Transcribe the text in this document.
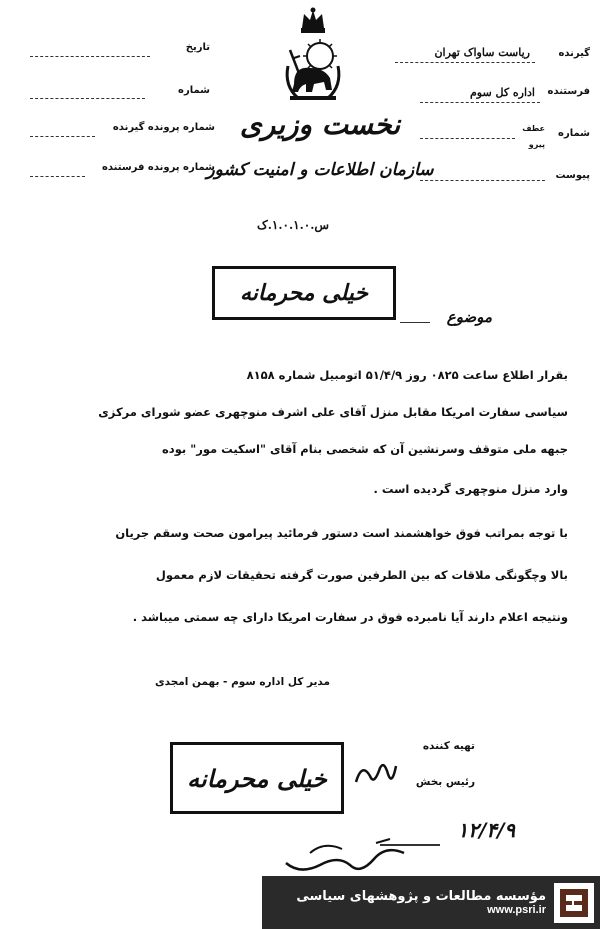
نخست وزیری
سازمان اطلاعات و امنیت کشور
س.۱.۰.۱.۰.ک
تاریخ
شماره
شماره پرونده گیرنده
شماره پرونده فرستنده
گیرنده
ریاست ساواک تهران
فرستنده
اداره کل سوم
شماره
عطف
پیرو
پیوست
خیلی محرمانه
موضوع
بقرار اطلاع ساعت ۰۸۲۵ روز ۵۱/۴/۹ اتومبیل شماره ۸۱۵۸
سیاسی سفارت امریکا مقابل منزل آقای علی اشرف منوچهری عضو شورای مرکزی
جبهه ملی متوقف وسرنشین آن که شخصی بنام آقای "اسکیت مور" بوده
وارد منزل منوچهری گردیده است .
با توجه بمراتب فوق خواهشمند است دستور فرمائید پیرامون صحت وسقم جریان
بالا وچگونگی ملاقات که بین الطرفین صورت گرفته تحقیقات لازم معمول
ونتیجه اعلام دارند آیا نامبرده فوق در سفارت امریکا دارای چه سمتی میباشد .
مدیر کل اداره سوم - بهمن امجدی
تهیه کننده
رئیس بخش
خیلی محرمانه
۱۲/۴/۹
مؤسسه مطالعات و پژوهشهای سیاسی
www.psri.ir
